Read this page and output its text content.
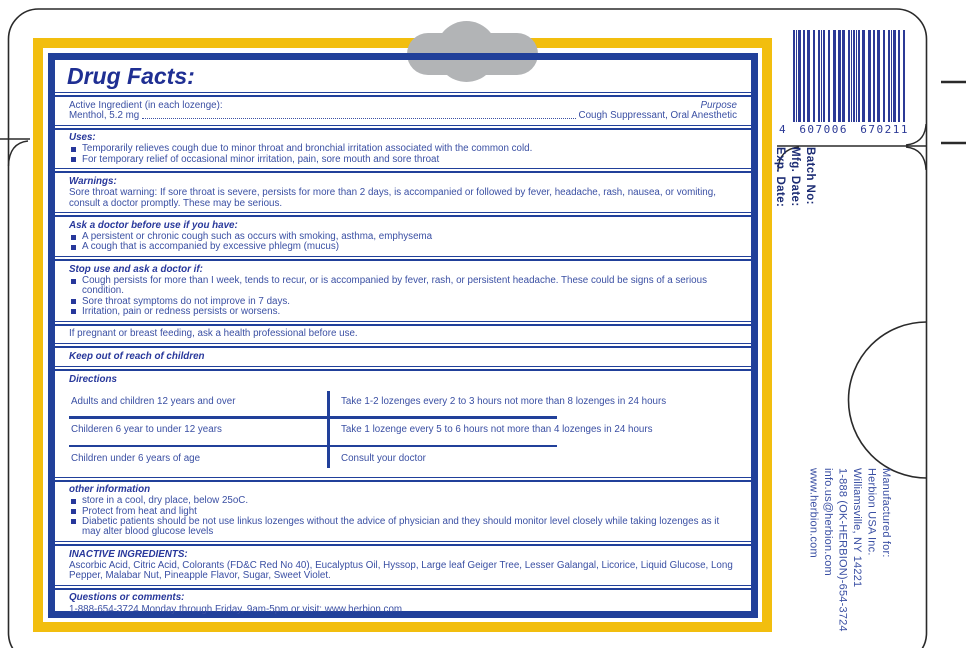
Drug Facts:
Active Ingredient (in each lozenge):	Purpose
Menthol, 5.2 mg	Cough Suppressant, Oral Anesthetic
Uses:
Temporarily relieves cough due to minor throat and bronchial irritation associated with the common cold.
For temporary relief of occasional minor irritation, pain, sore mouth and sore throat
Warnings:
Sore throat warning: If sore throat is severe, persists for more than 2 days, is accompanied or followed by fever, headache, rash, nausea, or vomiting, consult a doctor promptly. These may be serious.
Ask a doctor before use if you have:
A persistent or chronic cough such as occurs with smoking, asthma, emphysema
A cough that is accompanied by excessive phlegm (mucus)
Stop use and ask a doctor if:
Cough persists for more than I week, tends to recur, or is accompanied by fever, rash, or persistent headache. These could be signs of a serious condition.
Sore throat symptoms do not improve in 7 days.
Irritation, pain or redness persists or worsens.
If pregnant or breast feeding, ask a health professional before use.
Keep out of reach of children
Directions
Adults and children 12 years and over	Take 1-2 lozenges every 2 to 3 hours not more than 8 lozenges in 24 hours
Childeren 6 year to under 12 years	Take 1 lozenge every 5 to 6 hours not more than 4 lozenges in 24 hours
Children under 6 years of age	Consult your doctor
other information
store in a cool, dry place, below 25oC.
Protect from heat and light
Diabetic patients should be not use linkus lozenges without the advice of physician and they should monitor level closely while taking lozenges as it may alter blood glucose levels
INACTIVE INGREDIENTS:
Ascorbic Acid, Citric Acid, Colorants (FD&C Red No 40), Eucalyptus Oil, Hyssop, Large leaf Geiger Tree, Lesser Galangal, Licorice, Liquid Glucose, Long Pepper, Malabar Nut, Pineapple Flavor, Sugar, Sweet Violet.
Questions or comments:
1-888-654-3724 Monday through Friday, 9am-5pm or visit: www.herbion.com
4 607006 670211
Batch No:
Mfg. Date:
Exp. Date:
Manufactured for:
Herbion USA Inc.
Williamsville, NY 14221
1-888 (OK-HERBION)-654-3724
info.us@herbion.com
www.herbion.com
